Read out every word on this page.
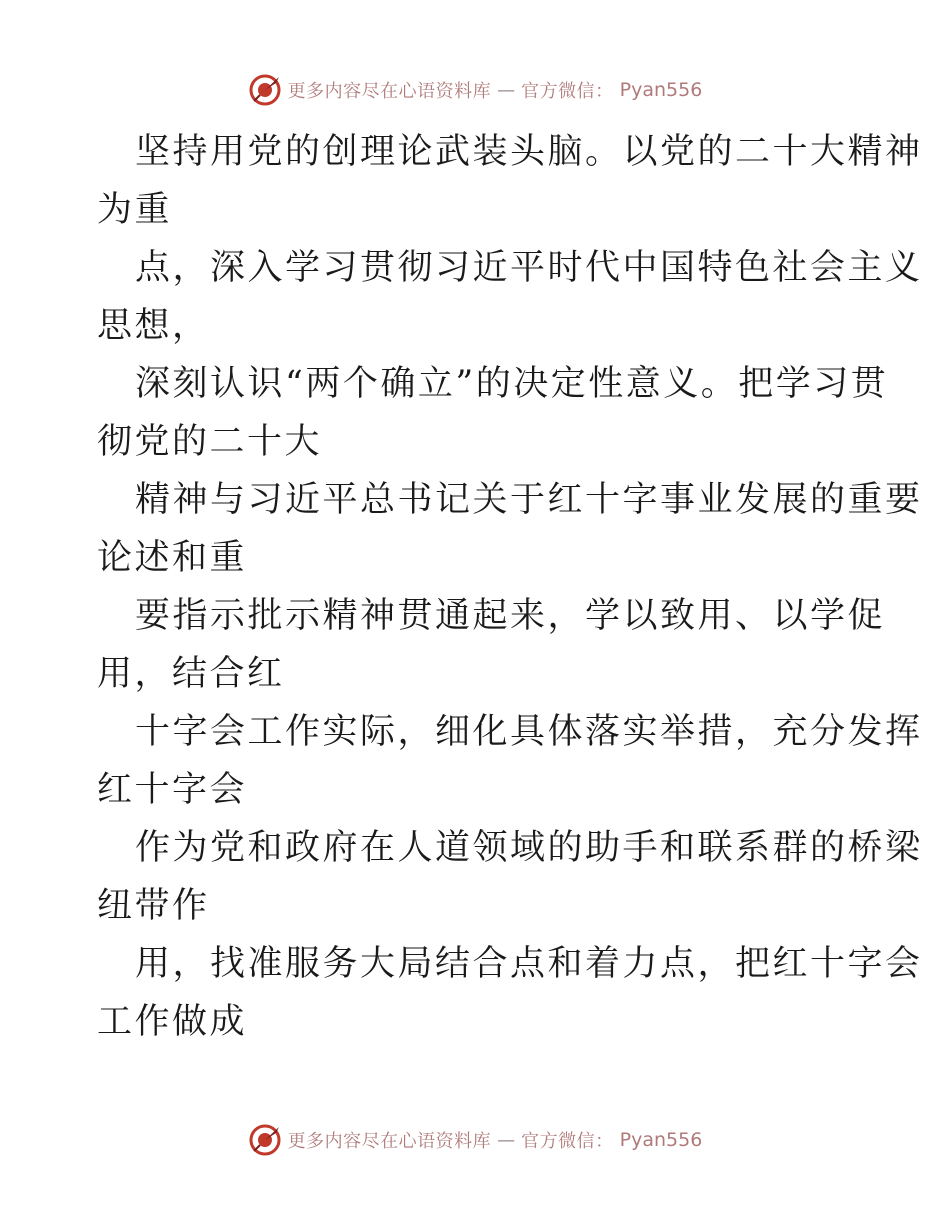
更多内容尽在心语资料库 — 官方微信： Pyan556
坚持用党的创理论武装头脑。以党的二十大精神
为重
点，深入学习贯彻习近平时代中国特色社会主义
思想，
深刻认识“两个确立”的决定性意义。把学习贯
彻党的二十大
精神与习近平总书记关于红十字事业发展的重要
论述和重
要指示批示精神贯通起来，学以致用、以学促
用，结合红
十字会工作实际，细化具体落实举措，充分发挥
红十字会
作为党和政府在人道领域的助手和联系群的桥梁
纽带作
用，找准服务大局结合点和着力点，把红十字会
工作做成
更多内容尽在心语资料库 — 官方微信： Pyan556
